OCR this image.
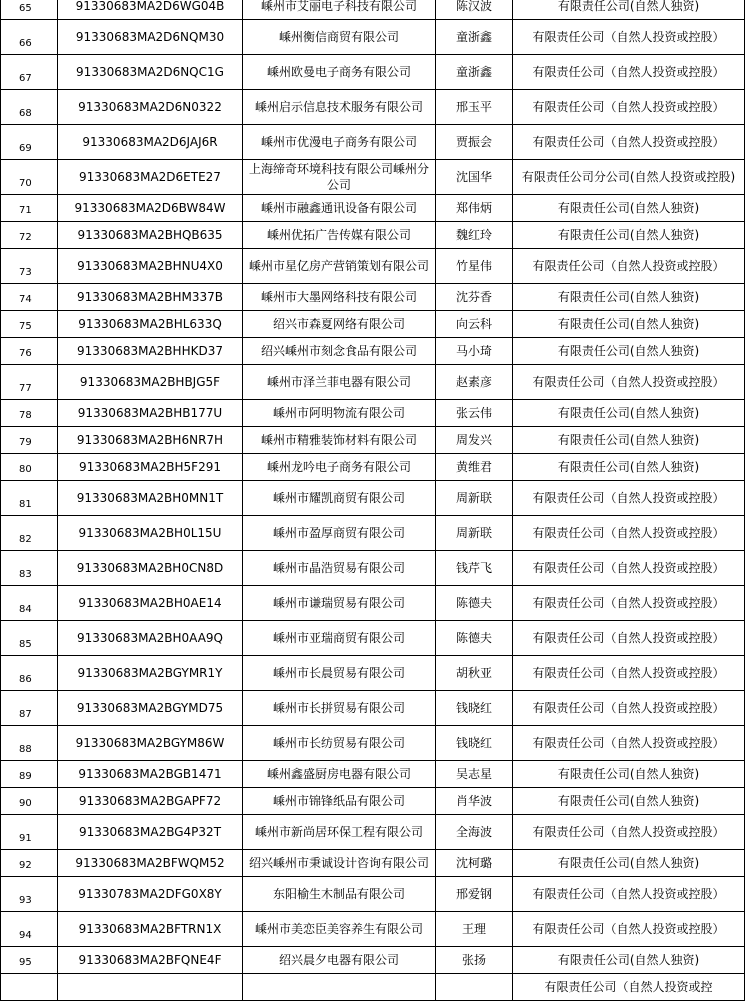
65	91330683MA2D6WG04B	嵊州市艾丽电子科技有限公司	陈汉波	有限责任公司(自然人独资)
66	91330683MA2D6NQM30	嵊州衡信商贸有限公司	童浙鑫	有限责任公司（自然人投资或控股）
67	91330683MA2D6NQC1G	嵊州欧曼电子商务有限公司	童浙鑫	有限责任公司（自然人投资或控股）
68	91330683MA2D6N0322	嵊州启示信息技术服务有限公司	邢玉平	有限责任公司（自然人投资或控股）
69	91330683MA2D6JAJ6R	嵊州市优漫电子商务有限公司	贾振会	有限责任公司（自然人投资或控股）
70	91330683MA2D6ETE27	上海缔奇环境科技有限公司嵊州分公司	沈国华	有限责任公司分公司(自然人投资或控股)
71	91330683MA2D6BW84W	嵊州市融鑫通讯设备有限公司	郑伟炳	有限责任公司(自然人独资)
72	91330683MA2BHQB635	嵊州优拓广告传媒有限公司	魏红玲	有限责任公司(自然人独资)
73	91330683MA2BHNU4X0	嵊州市星亿房产营销策划有限公司	竹星伟	有限责任公司（自然人投资或控股）
74	91330683MA2BHM337B	嵊州市大墨网络科技有限公司	沈芬香	有限责任公司(自然人独资)
75	91330683MA2BHL633Q	绍兴市森夏网络有限公司	向云科	有限责任公司(自然人独资)
76	91330683MA2BHHKD37	绍兴嵊州市刻念食品有限公司	马小琦	有限责任公司(自然人独资)
77	91330683MA2BHBJG5F	嵊州市泽兰菲电器有限公司	赵素彦	有限责任公司（自然人投资或控股）
78	91330683MA2BHB177U	嵊州市阿明物流有限公司	张云伟	有限责任公司(自然人独资)
79	91330683MA2BH6NR7H	嵊州市精雅装饰材料有限公司	周发兴	有限责任公司(自然人独资)
80	91330683MA2BH5F291	嵊州龙吟电子商务有限公司	黄维君	有限责任公司(自然人独资)
81	91330683MA2BH0MN1T	嵊州市耀凯商贸有限公司	周新联	有限责任公司（自然人投资或控股）
82	91330683MA2BH0L15U	嵊州市盈厚商贸有限公司	周新联	有限责任公司（自然人投资或控股）
83	91330683MA2BH0CN8D	嵊州市晶浩贸易有限公司	钱芹飞	有限责任公司（自然人投资或控股）
84	91330683MA2BH0AE14	嵊州市谦瑞贸易有限公司	陈德夫	有限责任公司（自然人投资或控股）
85	91330683MA2BH0AA9Q	嵊州市亚瑞商贸有限公司	陈德夫	有限责任公司（自然人投资或控股）
86	91330683MA2BGYMR1Y	嵊州市长晨贸易有限公司	胡秋亚	有限责任公司（自然人投资或控股）
87	91330683MA2BGYMD75	嵊州市长拼贸易有限公司	钱晓红	有限责任公司（自然人投资或控股）
88	91330683MA2BGYM86W	嵊州市长纺贸易有限公司	钱晓红	有限责任公司（自然人投资或控股）
89	91330683MA2BGB1471	嵊州鑫盛厨房电器有限公司	吴志星	有限责任公司(自然人独资)
90	91330683MA2BGAPF72	嵊州市锦锋纸品有限公司	肖华波	有限责任公司(自然人独资)
91	91330683MA2BG4P32T	嵊州市新尚居环保工程有限公司	全海波	有限责任公司（自然人投资或控股）
92	91330683MA2BFWQM52	绍兴嵊州市秉诚设计咨询有限公司	沈柯璐	有限责任公司(自然人独资)
93	91330783MA2DFG0X8Y	东阳榆生木制品有限公司	邢爱钢	有限责任公司（自然人投资或控股）
94	91330683MA2BFTRN1X	嵊州市美恋臣美容养生有限公司	王理	有限责任公司（自然人投资或控股）
95	91330683MA2BFQNE4F	绍兴晨夕电器有限公司	张扬	有限责任公司(自然人独资)
				有限责任公司（自然人投资或控
